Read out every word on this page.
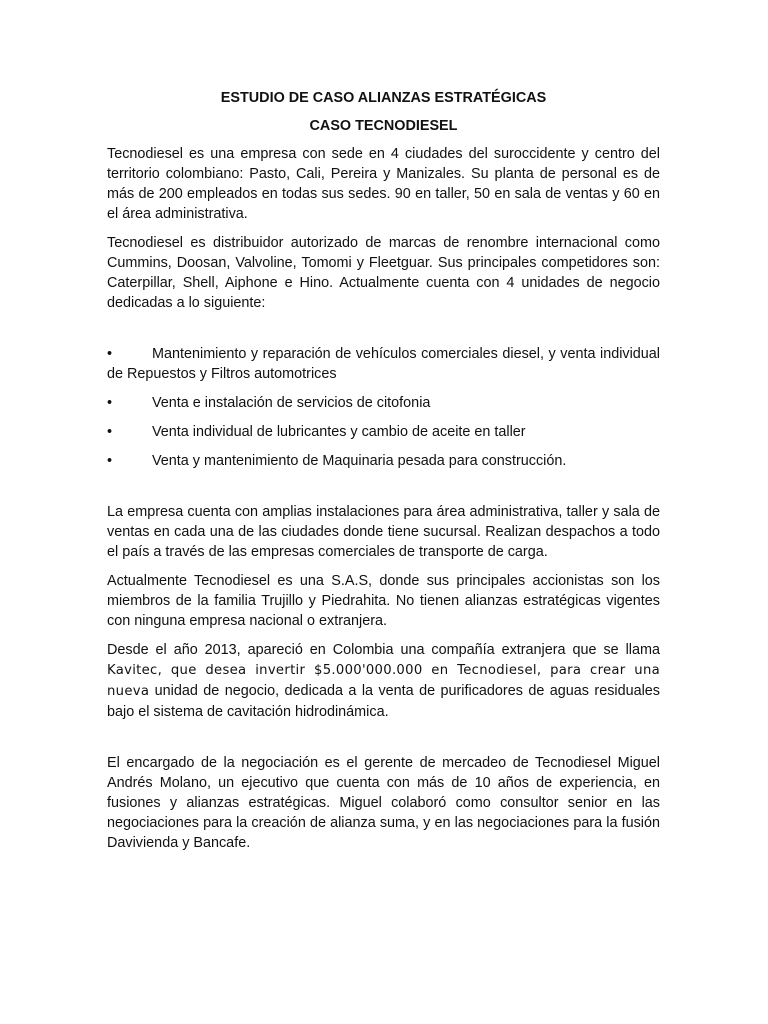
ESTUDIO DE CASO ALIANZAS ESTRATÉGICAS
CASO TECNODIESEL

Tecnodiesel es una empresa con sede en 4 ciudades del suroccidente y centro del territorio colombiano: Pasto, Cali, Pereira y Manizales. Su planta de personal es de más de 200 empleados en todas sus sedes. 90 en taller, 50 en sala de ventas y 60 en el área administrativa.

Tecnodiesel es distribuidor autorizado de marcas de renombre internacional como Cummins, Doosan, Valvoline, Tomomi y Fleetguar. Sus principales competidores son: Caterpillar, Shell, Aiphone e Hino. Actualmente cuenta con 4 unidades de negocio dedicadas a lo siguiente:

•	Mantenimiento y reparación de vehículos comerciales diesel, y venta individual de Repuestos y Filtros automotrices
•	Venta e instalación de servicios de citofonia
•	Venta individual de lubricantes y cambio de aceite en taller
•	Venta y mantenimiento de Maquinaria pesada para construcción.

La empresa cuenta con amplias instalaciones para área administrativa, taller y sala de ventas en cada una de las ciudades donde tiene sucursal. Realizan despachos a todo el país a través de las empresas comerciales de transporte de carga.

Actualmente Tecnodiesel es una S.A.S, donde sus principales accionistas son los miembros de la familia Trujillo y Piedrahita. No tienen alianzas estratégicas vigentes con ninguna empresa nacional o extranjera.

Desde el año 2013, apareció en Colombia una compañía extranjera que se llama Kavitec, que desea invertir $5.000'000.000 en Tecnodiesel, para crear una nueva unidad de negocio, dedicada a la venta de purificadores de aguas residuales bajo el sistema de cavitación hidrodinámica.

El encargado de la negociación es el gerente de mercadeo de Tecnodiesel Miguel Andrés Molano, un ejecutivo que cuenta con más de 10 años de experiencia, en fusiones y alianzas estratégicas. Miguel colaboró como consultor senior en las negociaciones para la creación de alianza suma, y en las negociaciones para la fusión Davivienda y Bancafe.
